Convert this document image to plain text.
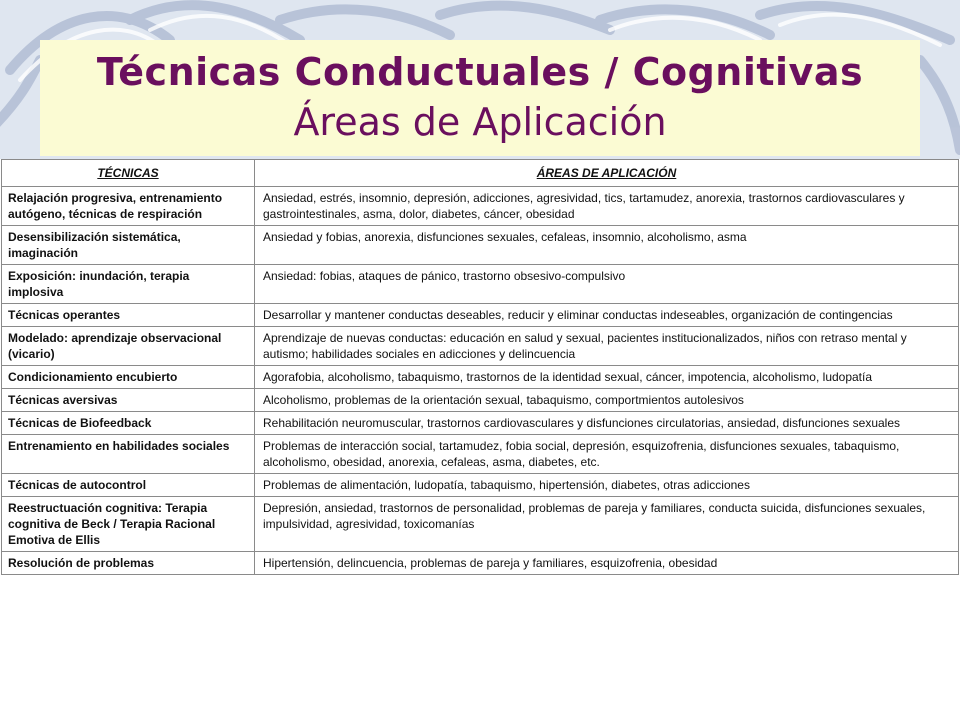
Técnicas Conductuales / Cognitivas
Áreas de Aplicación
TÉCNICAS	ÁREAS DE APLICACIÓN
Relajación progresiva, entrenamiento autógeno, técnicas de respiración	Ansiedad, estrés, insomnio, depresión, adicciones, agresividad, tics, tartamudez, anorexia, trastornos cardiovasculares y gastrointestinales, asma, dolor, diabetes, cáncer, obesidad
Desensibilización sistemática, imaginación	Ansiedad y fobias, anorexia, disfunciones sexuales, cefaleas, insomnio, alcoholismo, asma
Exposición: inundación, terapia implosiva	Ansiedad: fobias, ataques de pánico, trastorno obsesivo-compulsivo
Técnicas operantes	Desarrollar y mantener conductas deseables, reducir y eliminar conductas indeseables, organización de contingencias
Modelado: aprendizaje observacional (vicario)	Aprendizaje de nuevas conductas: educación en salud y sexual, pacientes institucionalizados, niños con retraso mental y autismo; habilidades sociales en adicciones y delincuencia
Condicionamiento encubierto	Agorafobia, alcoholismo, tabaquismo, trastornos de la identidad sexual, cáncer, impotencia, alcoholismo, ludopatía
Técnicas aversivas	Alcoholismo, problemas de la orientación sexual, tabaquismo, comportmientos autolesivos
Técnicas de Biofeedback	Rehabilitación neuromuscular, trastornos cardiovasculares y disfunciones circulatorias, ansiedad, disfunciones sexuales
Entrenamiento en habilidades sociales	Problemas de interacción social, tartamudez, fobia social, depresión, esquizofrenia, disfunciones sexuales, tabaquismo, alcoholismo, obesidad, anorexia, cefaleas, asma, diabetes, etc.
Técnicas de autocontrol	Problemas de alimentación, ludopatía, tabaquismo, hipertensión, diabetes, otras adicciones
Reestructuación cognitiva: Terapia cognitiva de Beck / Terapia Racional Emotiva de Ellis	Depresión, ansiedad, trastornos de personalidad, problemas de pareja y familiares, conducta suicida, disfunciones sexuales, impulsividad, agresividad, toxicomanías
Resolución de problemas	Hipertensión, delincuencia, problemas de pareja y familiares, esquizofrenia, obesidad
